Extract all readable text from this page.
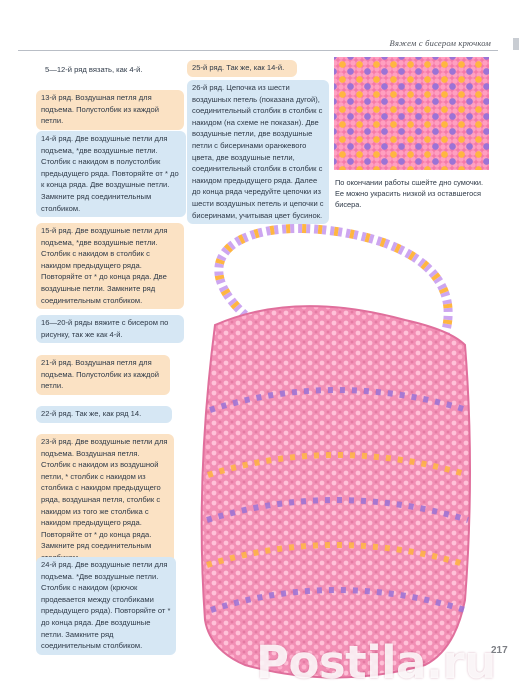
Вяжем с бисером крючком
5—12-й ряд вязать, как 4-й.
13-й ряд. Воздушная петля для подъема. Полустолбик из каждой петли.
14-й ряд. Две воздушные петли для подъема, *две воздушные петли. Столбик с накидом в полустолбик предыдущего ряда. Повторяйте от * до к конца ряда. Две воздушные петли. Замкните ряд соединительным столбиком.
15-й ряд. Две воздушные петли для подъема, *две воздушные петли. Столбик с накидом в столбик с накидом предыдущего ряда. Повторяйте от * до конца ряда. Две воздушные петли. Замкните ряд соединительным столбиком.
16—20-й ряды вяжите с бисером по рисунку, так же как 4-й.
21-й ряд. Воздушная петля для подъема. Полустолбик из каждой петли.
22-й ряд. Так же, как ряд 14.
23-й ряд. Две воздушные петли для подъема. Воздушная петля. Столбик с накидом из воздушной петли, * столбик с накидом из столбика с накидом предыдущего ряда, воздушная петля, столбик с накидом из того же столбика с накидом предыдущего ряда. Повторяйте от * до конца ряда. Замкните ряд соединительным
24-й ряд. Две воздушные петли для подъема. *Две воздушные петли. Столбик с накидом (крючок продевается между столбиками предыдущего ряда). Повторяйте от * до конца ряда. Две воздушные петли. Замкните ряд соединительным столбиком.
25-й ряд. Так же, как 14-й.
26-й ряд. Цепочка из шести воздушных петель (показана дугой), соединительный столбик в столбик с накидом (на схеме не показан). Две воздушные петли, две воздушные петли с бисеринами оранжевого цвета, две воздушные петли, соединительный столбик в столбик с накидом предыдущего ряда. Далее до конца ряда чередуйте цепочки из шести воздушных петель и цепочки с бисеринами, учитывая цвет бусинок.
По окончании работы сшейте дно сумочки. Ее можно украсить низкой из оставшегося бисера.
Postila.ru
217
